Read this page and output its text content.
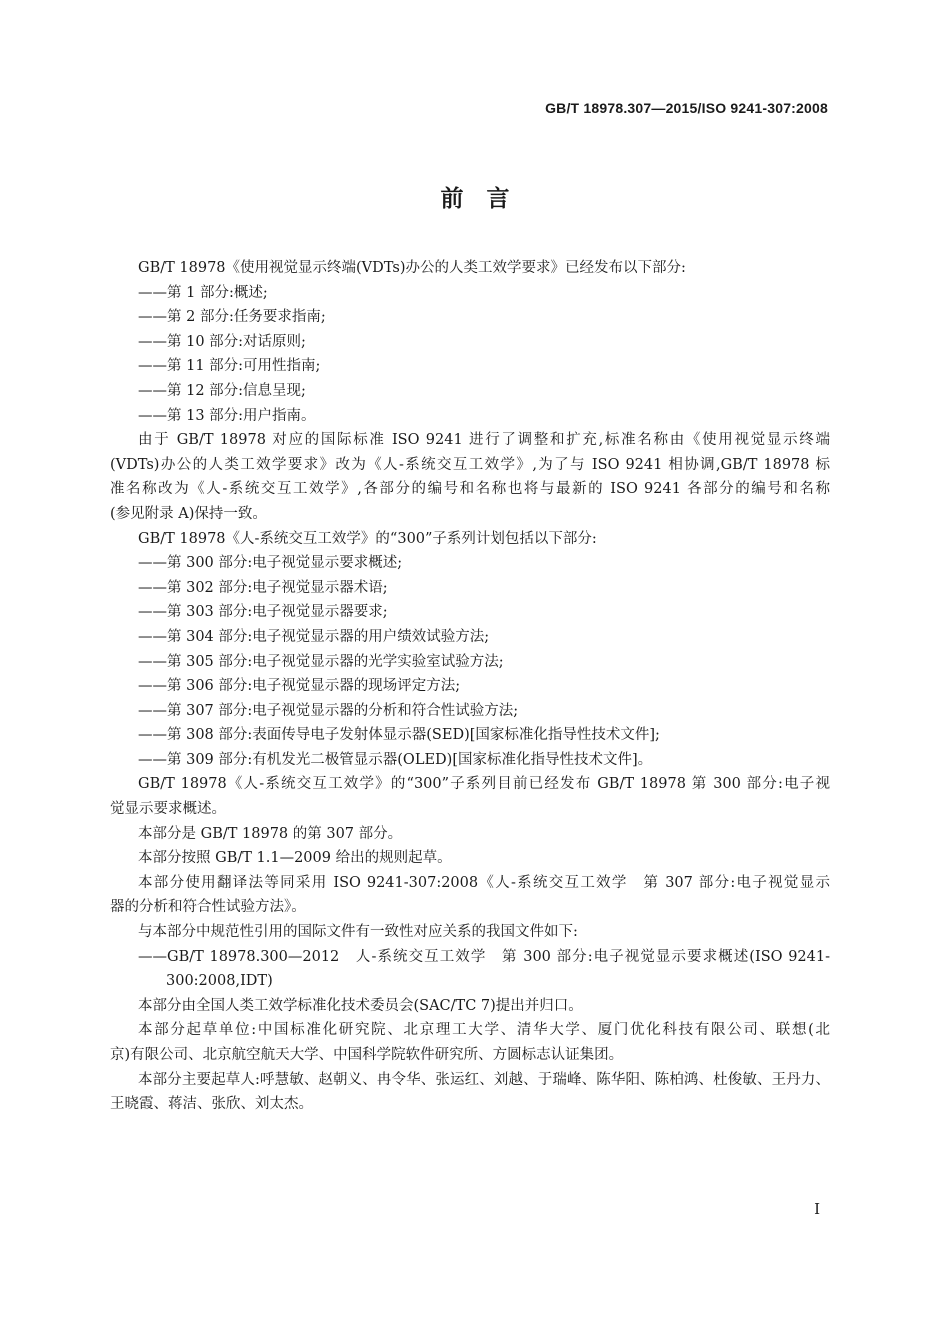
GB/T 18978.307—2015/ISO 9241-307:2008
前　言

GB/T 18978《使用视觉显示终端(VDTs)办公的人类工效学要求》已经发布以下部分:

——第 1 部分:概述;

——第 2 部分:任务要求指南;

——第 10 部分:对话原则;

——第 11 部分:可用性指南;

——第 12 部分:信息呈现;

——第 13 部分:用户指南。

由于 GB/T 18978 对应的国际标准 ISO 9241 进行了调整和扩充,标准名称由《使用视觉显示终端

(VDTs)办公的人类工效学要求》改为《人-系统交互工效学》,为了与 ISO 9241 相协调,GB/T 18978 标

准名称改为《人-系统交互工效学》,各部分的编号和名称也将与最新的 ISO 9241 各部分的编号和名称

(参见附录 A)保持一致。

GB/T 18978《人-系统交互工效学》的“300”子系列计划包括以下部分:

——第 300 部分:电子视觉显示要求概述;

——第 302 部分:电子视觉显示器术语;

——第 303 部分:电子视觉显示器要求;

——第 304 部分:电子视觉显示器的用户绩效试验方法;

——第 305 部分:电子视觉显示器的光学实验室试验方法;

——第 306 部分:电子视觉显示器的现场评定方法;

——第 307 部分:电子视觉显示器的分析和符合性试验方法;

——第 308 部分:表面传导电子发射体显示器(SED)[国家标准化指导性技术文件];

——第 309 部分:有机发光二极管显示器(OLED)[国家标准化指导性技术文件]。

GB/T 18978《人-系统交互工效学》的“300”子系列目前已经发布 GB/T 18978 第 300 部分:电子视

觉显示要求概述。

本部分是 GB/T 18978 的第 307 部分。

本部分按照 GB/T 1.1—2009 给出的规则起草。

本部分使用翻译法等同采用 ISO 9241-307:2008《人-系统交互工效学　第 307 部分:电子视觉显示

器的分析和符合性试验方法》。

与本部分中规范性引用的国际文件有一致性对应关系的我国文件如下:

——GB/T 18978.300—2012　人-系统交互工效学　第 300 部分:电子视觉显示要求概述(ISO 9241-

300:2008,IDT)

本部分由全国人类工效学标准化技术委员会(SAC/TC 7)提出并归口。

本部分起草单位:中国标准化研究院、北京理工大学、清华大学、厦门优化科技有限公司、联想(北

京)有限公司、北京航空航天大学、中国科学院软件研究所、方圆标志认证集团。

本部分主要起草人:呼慧敏、赵朝义、冉令华、张运红、刘越、于瑞峰、陈华阳、陈柏鸿、杜俊敏、王丹力、

王晓霞、蒋洁、张欣、刘太杰。

I
